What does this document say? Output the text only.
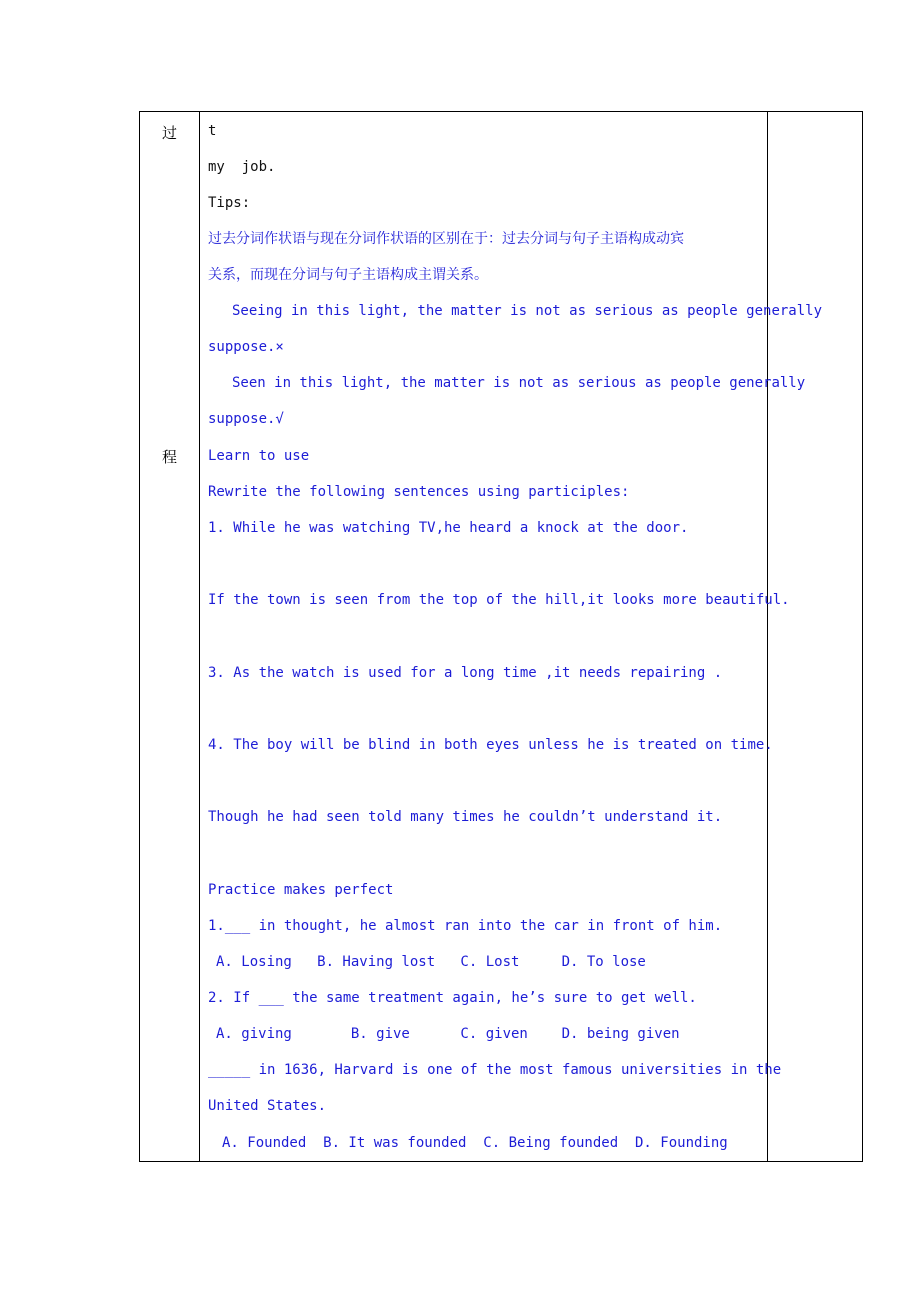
过
程
t
my  job.
Tips:
过去分词作状语与现在分词作状语的区别在于：过去分词与句子主语构成动宾
关系，而现在分词与句子主语构成主谓关系。
Seeing in this light, the matter is not as serious as people generally
suppose.×
Seen in this light, the matter is not as serious as people generally
suppose.√
Learn to use
Rewrite the following sentences using participles:
1. While he was watching TV,he heard a knock at the door.
If the town is seen from the top of the hill,it looks more beautiful.
3. As the watch is used for a long time ,it needs repairing .
4. The boy will be blind in both eyes unless he is treated on time.
Though he had seen told many times he couldn’t understand it.
Practice makes perfect
1.___ in thought, he almost ran into the car in front of him.
A. Losing   B. Having lost   C. Lost     D. To lose
2. If ___ the same treatment again, he’s sure to get well.
A. giving       B. give      C. given    D. being given
_____ in 1636, Harvard is one of the most famous universities in the
United States.
A. Founded  B. It was founded  C. Being founded  D. Founding
